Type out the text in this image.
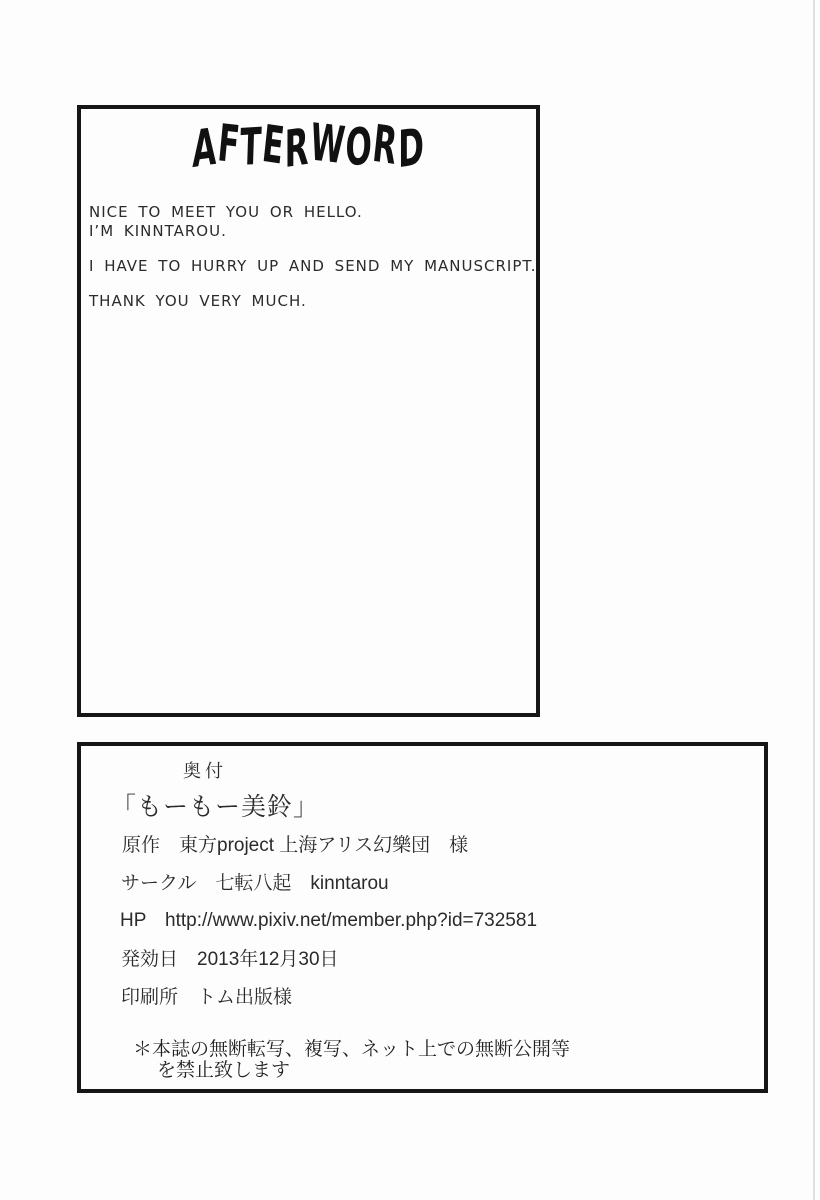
AFTERWORD
NICE TO MEET YOU OR HELLO.
I’M KINNTAROU.
I HAVE TO HURRY UP AND SEND MY MANUSCRIPT.
THANK YOU VERY MUCH.
奥付
「もーもー美鈴」
原作　東方project 上海アリス幻樂団　様
サークル　七転八起　kinntarou
HP　http://www.pixiv.net/member.php?id=732581
発効日　2013年12月30日
印刷所　トム出版様
＊本誌の無断転写、複写、ネット上での無断公開等
を禁止致します
